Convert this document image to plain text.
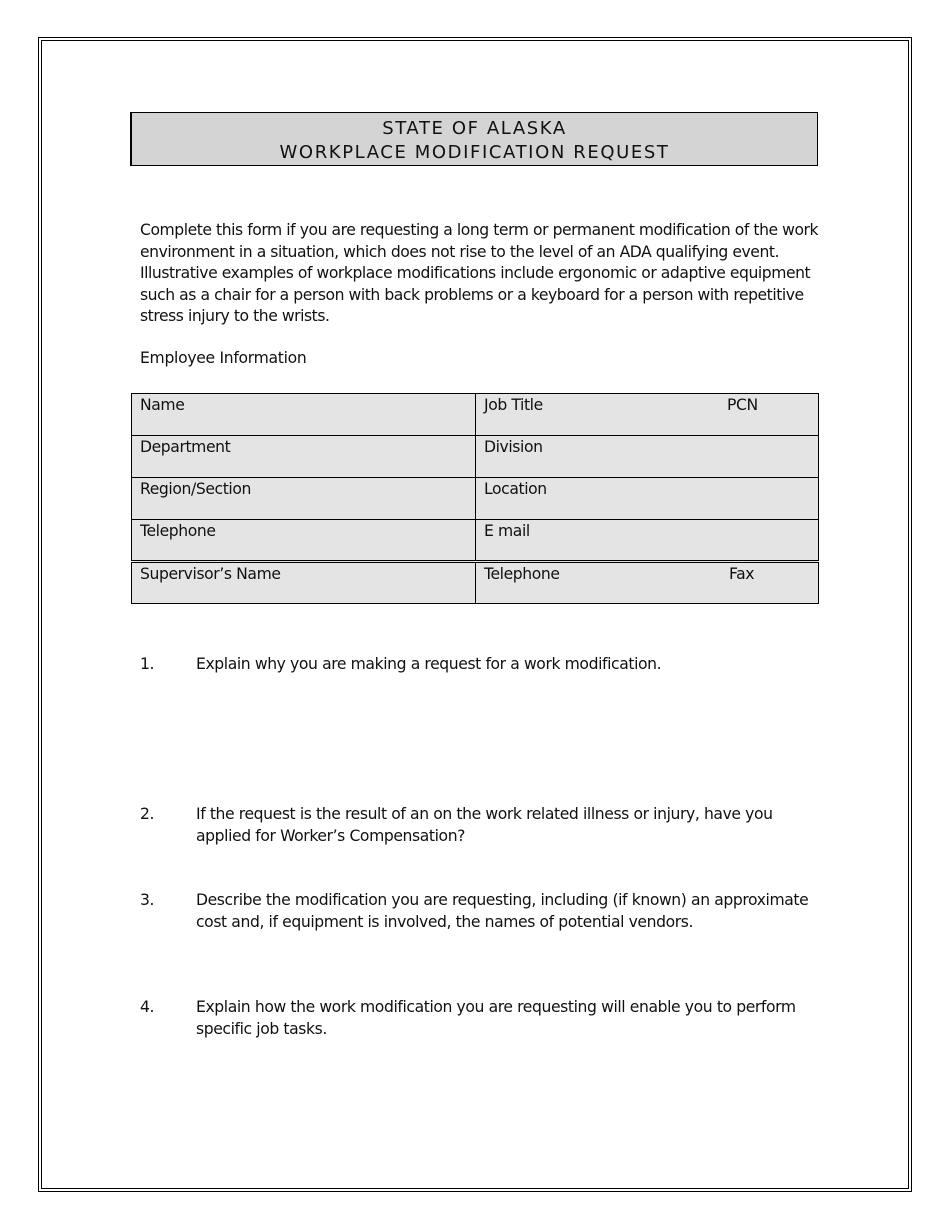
STATE OF ALASKA
WORKPLACE MODIFICATION REQUEST

Complete this form if you are requesting a long term or permanent modification of the work environment in a situation, which does not rise to the level of an ADA qualifying event. Illustrative examples of workplace modifications include ergonomic or adaptive equipment such as a chair for a person with back problems or a keyboard for a person with repetitive stress injury to the wrists.

Employee Information

Name	Job Title PCN

Department	Division
Region/Section	Location
Telephone	E mail
Supervisor’s Name	Telephone Fax
1.	Explain why you are making a request for a work modification.
2.	If the request is the result of an on the work related illness or injury, have you applied for Worker’s Compensation?
3.	Describe the modification you are requesting, including (if known) an approximate cost and, if equipment is involved, the names of potential vendors.
4.	Explain how the work modification you are requesting will enable you to perform specific job tasks.
